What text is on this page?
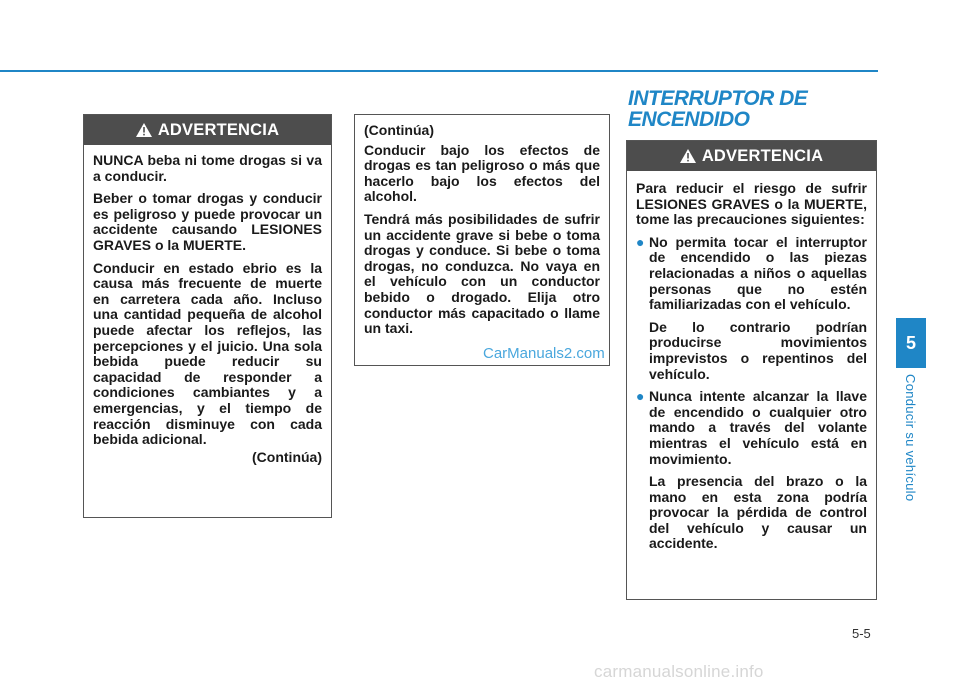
ADVERTENCIA

NUNCA beba ni tome drogas si va a conducir.

Beber o tomar drogas y conducir es peligroso y puede provocar un accidente causando LESIONES GRAVES o la MUERTE.

Conducir en estado ebrio es la causa más frecuente de muerte en carretera cada año. Incluso una cantidad pequeña de alcohol puede afectar los reflejos, las percepciones y el juicio. Una sola bebida puede reducir su capacidad de responder a condiciones cambiantes y a emergencias, y el tiempo de reacción disminuye con cada bebida adicional.

(Continúa)

(Continúa)

Conducir bajo los efectos de drogas es tan peligroso o más que hacerlo bajo los efectos del alcohol.

Tendrá más posibilidades de sufrir un accidente grave si bebe o toma drogas y conduce. Si bebe o toma drogas, no conduzca. No vaya en el vehículo con un conductor bebido o drogado. Elija otro conductor más capacitado o llame un taxi.

INTERRUPTOR DE
ENCENDIDO
ADVERTENCIA

Para reducir el riesgo de sufrir LESIONES GRAVES o la MUERTE, tome las precauciones siguientes:

● No permita tocar el interruptor de encendido o las piezas relacionadas a niños o aquellas personas que no estén familiarizadas con el vehículo.

De lo contrario podrían producirse movimientos imprevistos o repentinos del vehículo.

● Nunca intente alcanzar la llave de encendido o cualquier otro mando a través del volante mientras el vehículo está en movimiento.

La presencia del brazo o la mano en esta zona podría provocar la pérdida de control del vehículo y causar un accidente.

5
Conducir su vehículo
5-5
CarManuals2.com
carmanualsonline.info
